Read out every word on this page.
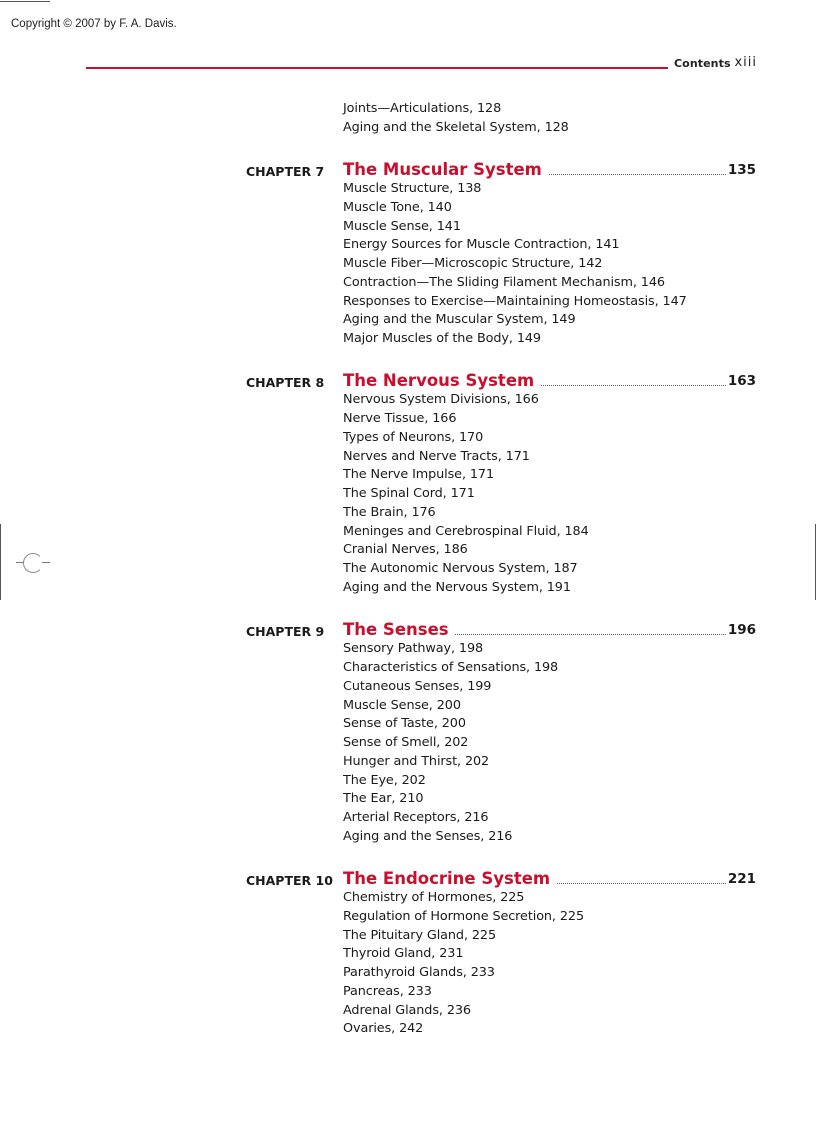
Copyright © 2007 by F. A. Davis.
Contents xiii
Joints—Articulations, 128
Aging and the Skeletal System, 128
CHAPTER 7 The Muscular System	135
Muscle Structure, 138
Muscle Tone, 140
Muscle Sense, 141
Energy Sources for Muscle Contraction, 141
Muscle Fiber—Microscopic Structure, 142
Contraction—The Sliding Filament Mechanism, 146
Responses to Exercise—Maintaining Homeostasis, 147
Aging and the Muscular System, 149
Major Muscles of the Body, 149
CHAPTER 8 The Nervous System	163
Nervous System Divisions, 166
Nerve Tissue, 166
Types of Neurons, 170
Nerves and Nerve Tracts, 171
The Nerve Impulse, 171
The Spinal Cord, 171
The Brain, 176
Meninges and Cerebrospinal Fluid, 184
Cranial Nerves, 186
The Autonomic Nervous System, 187
Aging and the Nervous System, 191
CHAPTER 9 The Senses	196
Sensory Pathway, 198
Characteristics of Sensations, 198
Cutaneous Senses, 199
Muscle Sense, 200
Sense of Taste, 200
Sense of Smell, 202
Hunger and Thirst, 202
The Eye, 202
The Ear, 210
Arterial Receptors, 216
Aging and the Senses, 216
CHAPTER 10 The Endocrine System	221
Chemistry of Hormones, 225
Regulation of Hormone Secretion, 225
The Pituitary Gland, 225
Thyroid Gland, 231
Parathyroid Glands, 233
Pancreas, 233
Adrenal Glands, 236
Ovaries, 242
